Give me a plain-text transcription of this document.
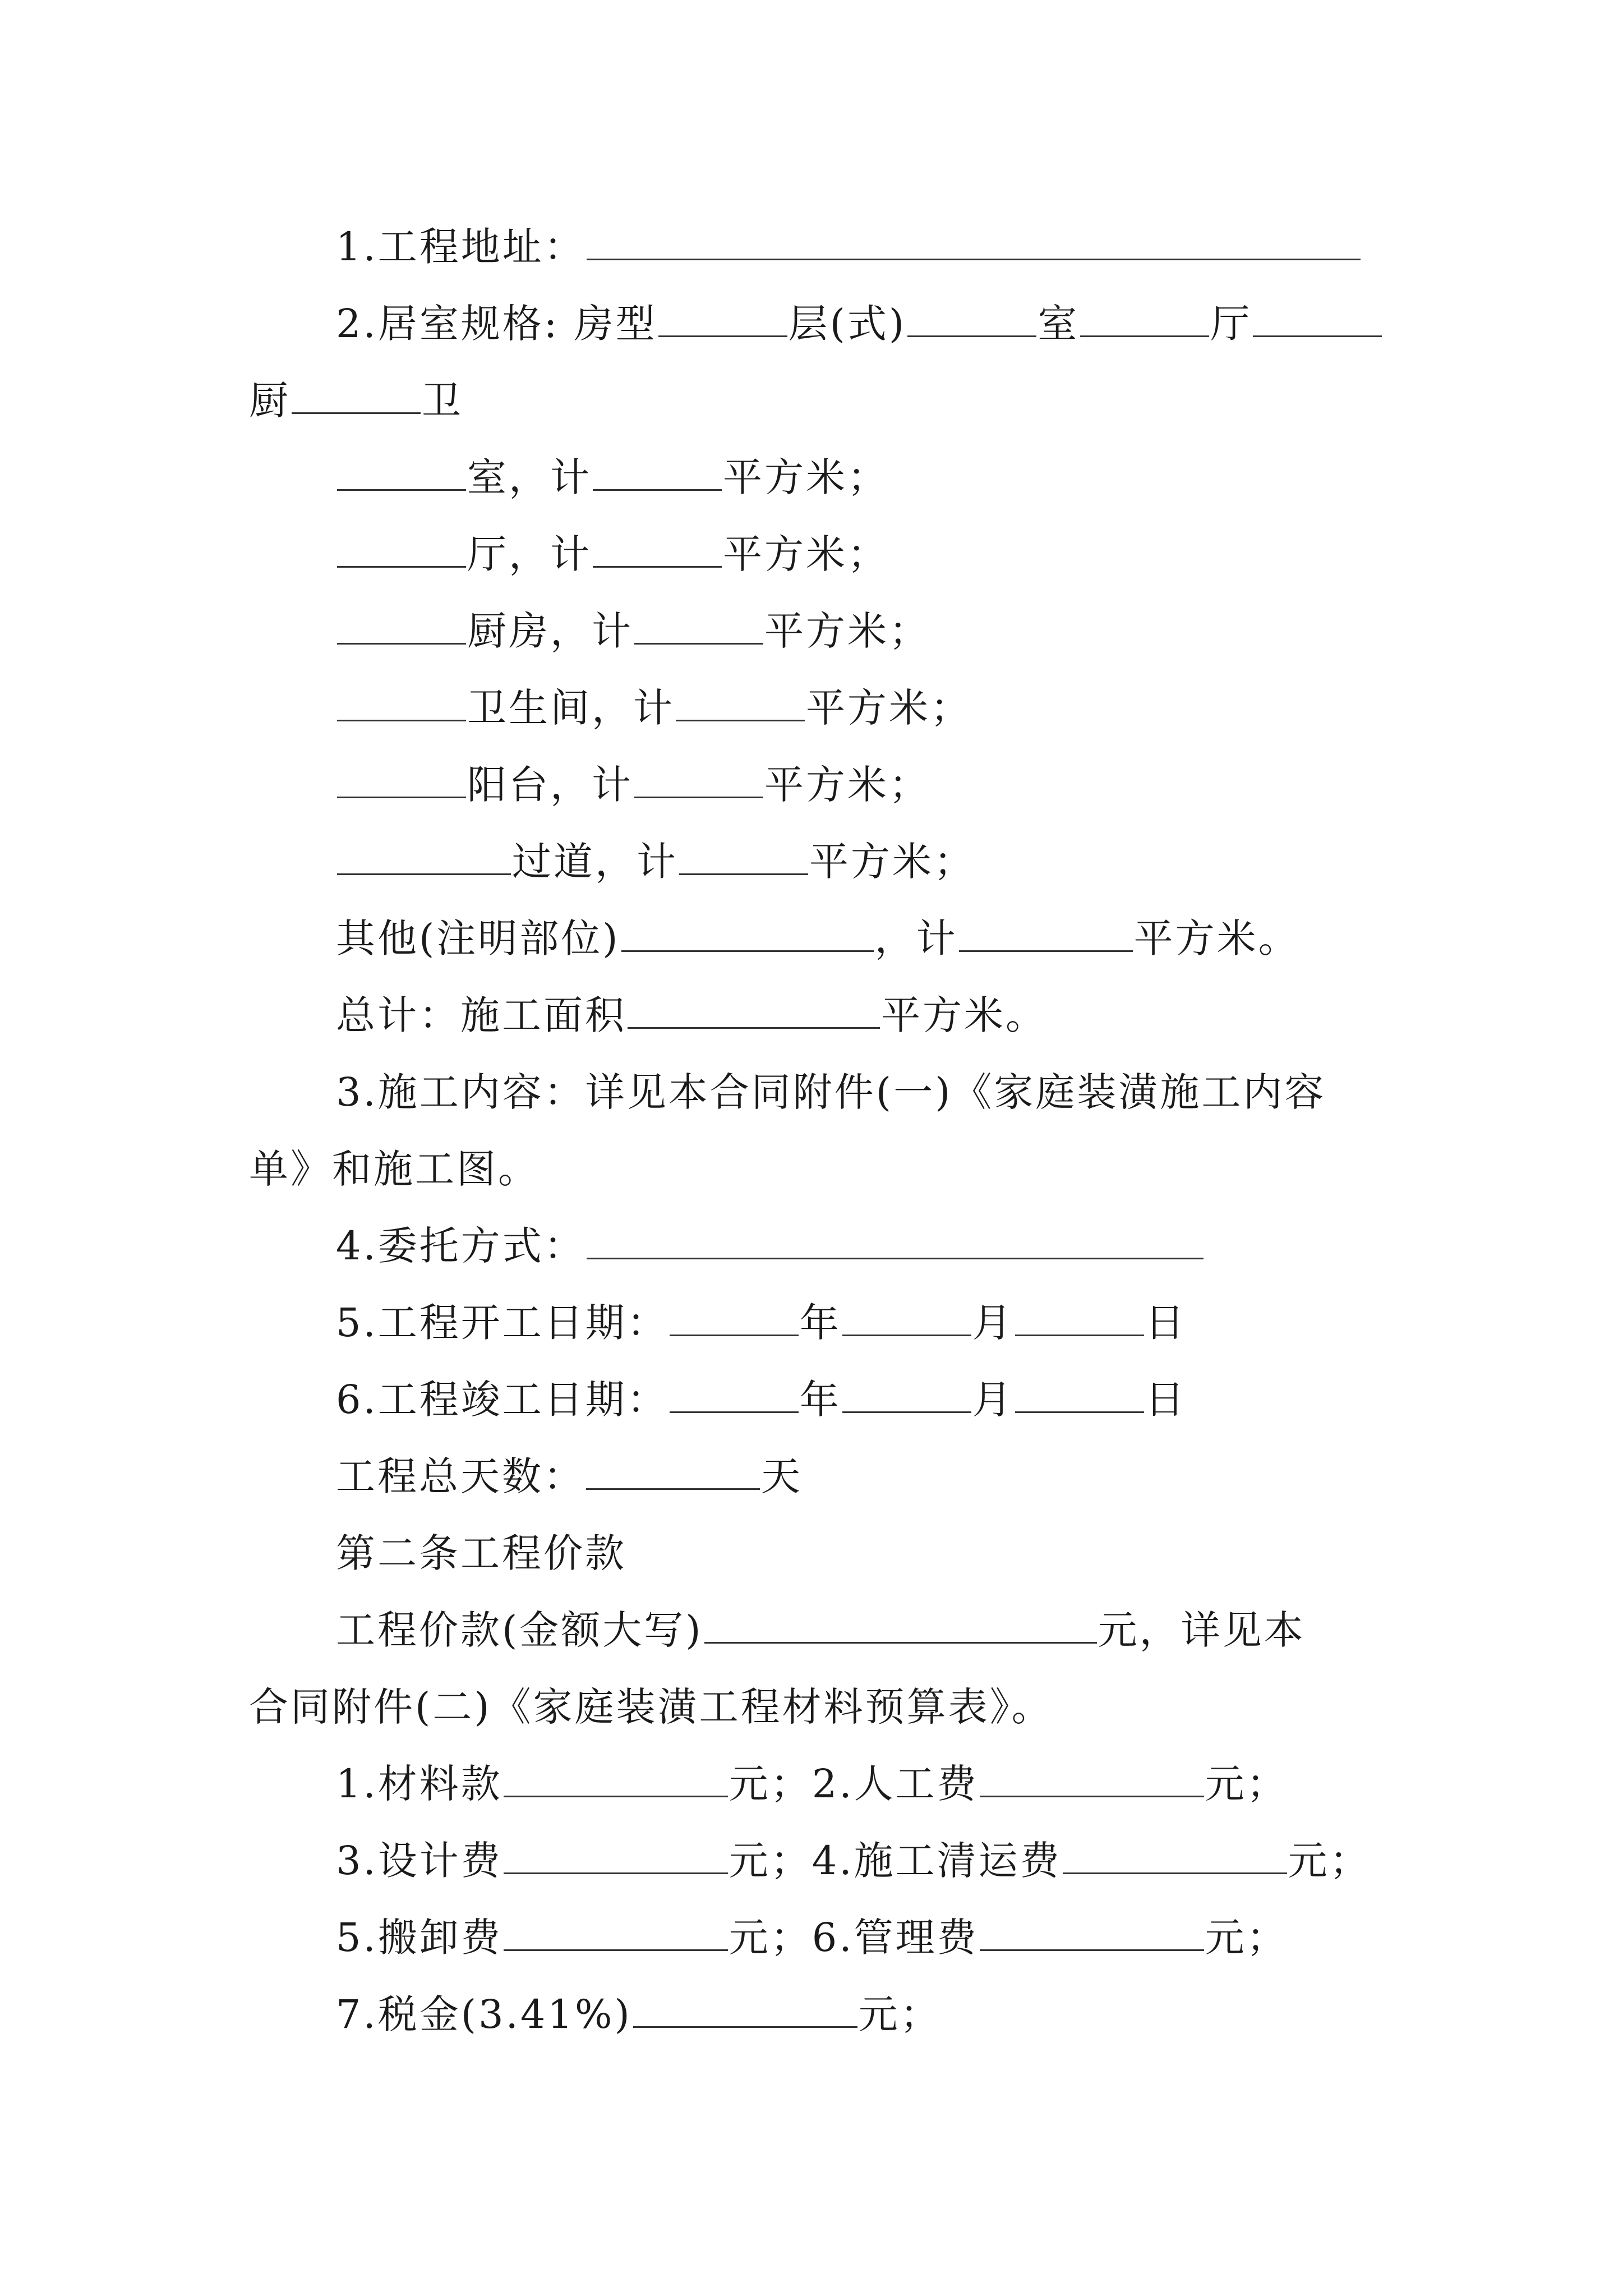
1.工程地址：
2.居室规格: 房型	层(式)	室	厅
厨	卫
室，计	平方米；
厅，计	平方米；
厨房，计	平方米；
卫生间，计	平方米；
阳台，计	平方米；
过道，计	平方米；
其他(注明部位)	，计	平方米。
总计：施工面积	平方米。
3.施工内容：详见本合同附件(一)《家庭装潢施工内容
单》和施工图。
4.委托方式：
5.工程开工日期：	年	月	日
6.工程竣工日期：	年	月	日
工程总天数：	天
第二条工程价款
工程价款(金额大写)	元，详见本
合同附件(二)《家庭装潢工程材料预算表》。
1.材料款	元；2.人工费	元；
3.设计费	元；4.施工清运费	元；
5.搬卸费	元；6.管理费	元；
7.税金(3.41%)	元；
